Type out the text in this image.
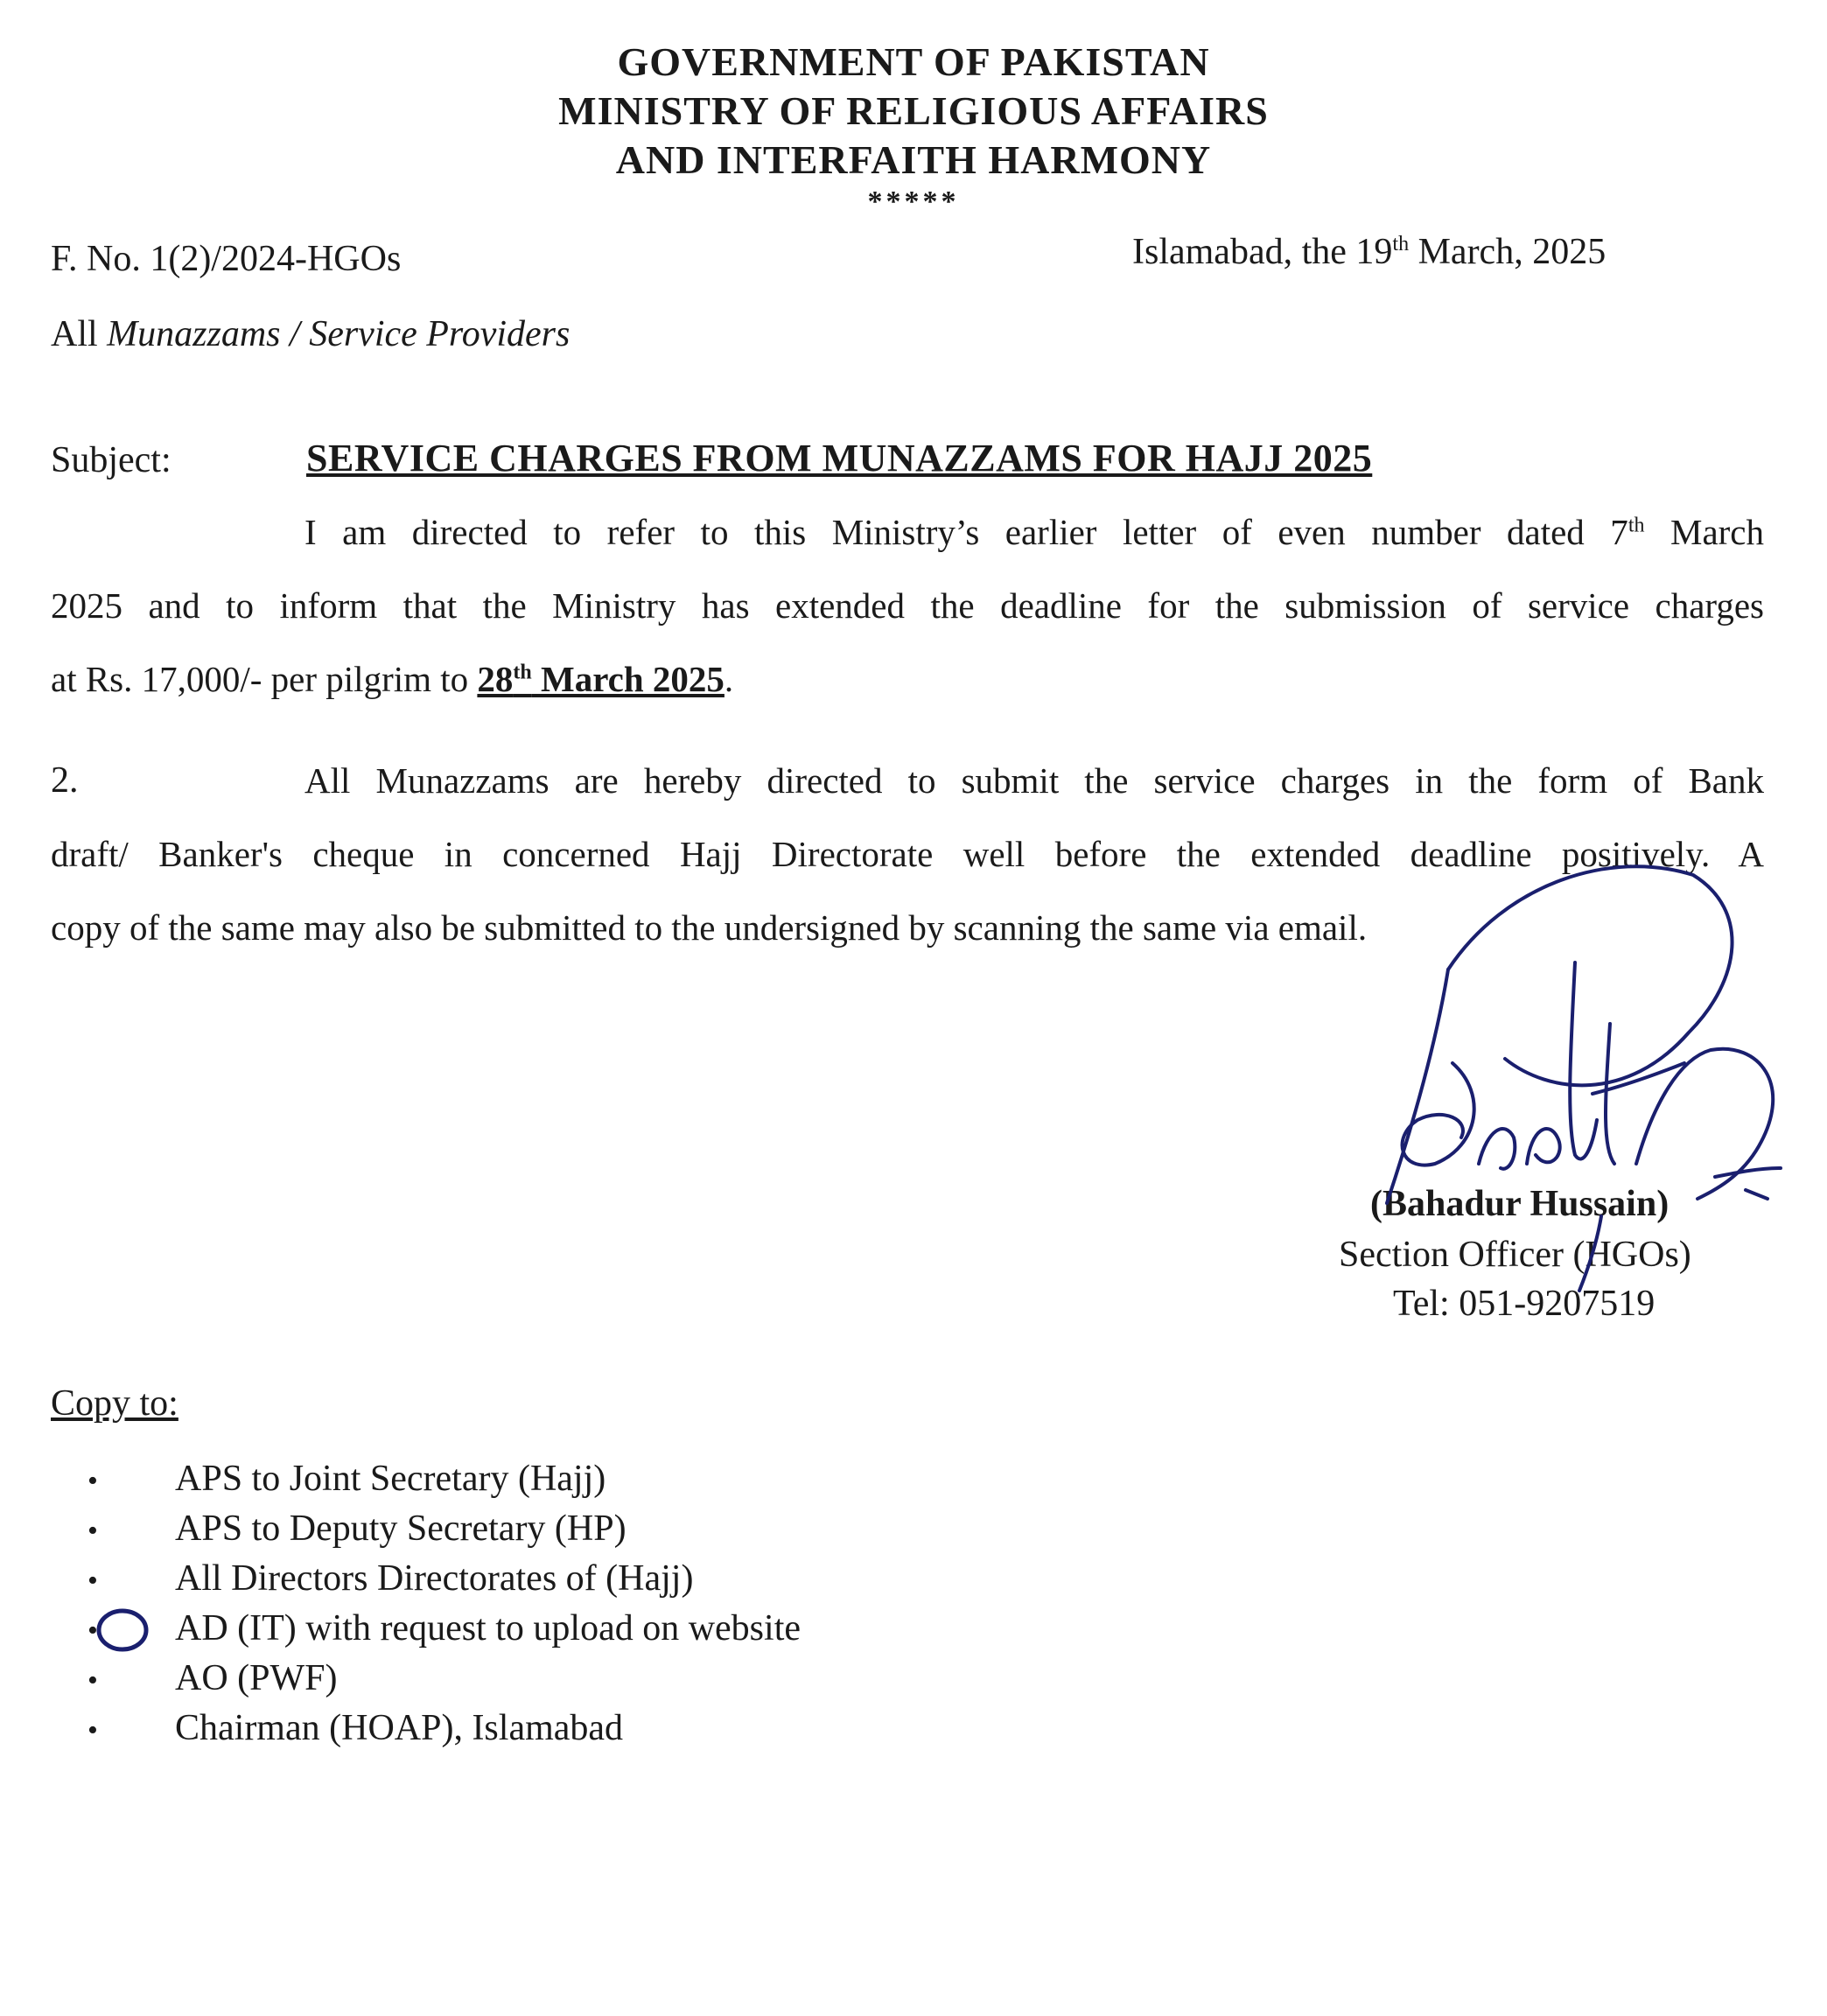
GOVERNMENT OF PAKISTAN
MINISTRY OF RELIGIOUS AFFAIRS
AND INTERFAITH HARMONY
*****
F. No. 1(2)/2024-HGOs	Islamabad, the 19th March, 2025
All Munazzams / Service Providers
Subject:	SERVICE CHARGES FROM MUNAZZAMS FOR HAJJ 2025
I am directed to refer to this Ministry’s earlier letter of even number dated 7th March
2025 and to inform that the Ministry has extended the deadline for the submission of service charges
at Rs. 17,000/- per pilgrim to 28th March 2025.
2.	All Munazzams are hereby directed to submit the service charges in the form of Bank
draft/ Banker's cheque in concerned Hajj Directorate well before the extended deadline positively. A
copy of the same may also be submitted to the undersigned by scanning the same via email.
(Bahadur Hussain)
Section Officer (HGOs)
Tel: 051-9207519
Copy to:
• APS to Joint Secretary (Hajj)
• APS to Deputy Secretary (HP)
• All Directors Directorates of (Hajj)
• AD (IT) with request to upload on website
• AO (PWF)
• Chairman (HOAP), Islamabad
